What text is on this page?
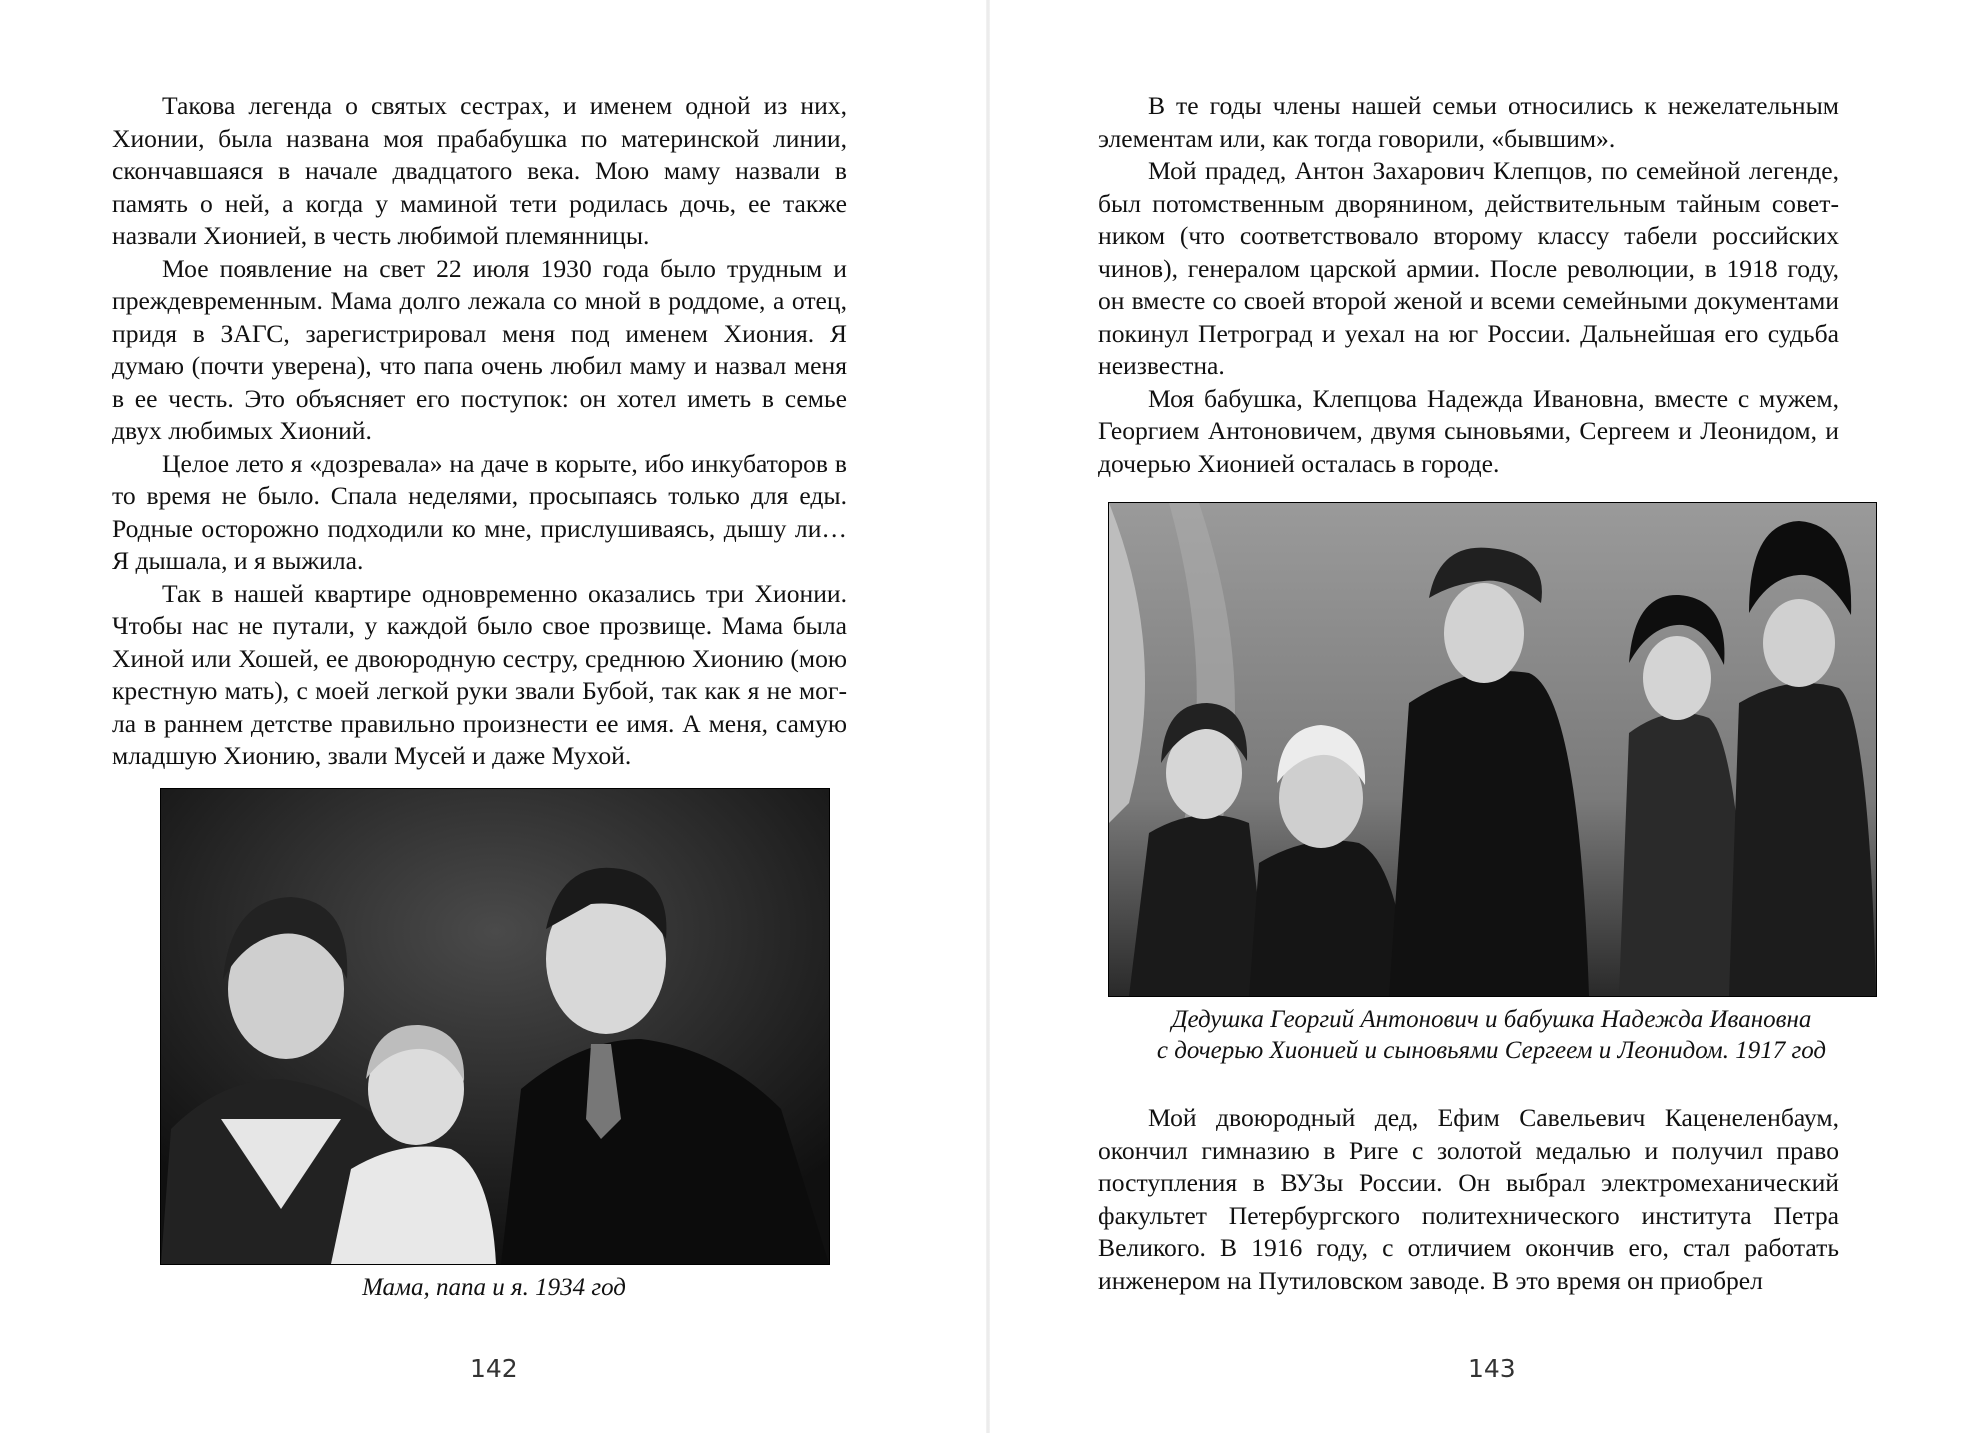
Такова легенда о святых сестрах, и именем одной из них, Хионии, была названа моя прабабушка по материнской линии, скончавшаяся в начале двадцатого века. Мою маму назвали в память о ней, а когда у маминой тети родилась дочь, ее также назвали Хионией, в честь любимой племянницы.

Мое появление на свет 22 июля 1930 года было трудным и преждевременным. Мама долго лежала со мной в роддоме, а отец, придя в ЗАГС, зарегистрировал меня под именем Хиония. Я думаю (почти уверена), что папа очень любил маму и назвал меня в ее честь. Это объясняет его поступок: он хотел иметь в семье двух любимых Хионий.

Целое лето я «дозревала» на даче в корыте, ибо инкубаторов в то время не было. Спала неделями, просыпаясь только для еды. Родные осторожно подходили ко мне, прислушиваясь, дышу ли… Я дышала, и я выжила.

Так в нашей квартире одновременно оказались три Хионии. Чтобы нас не путали, у каждой было свое прозвище. Мама была Хиной или Хошей, ее двоюродную сестру, среднюю Хионию (мою крестную мать), с моей легкой руки звали Бубой, так как я не могла в раннем детстве правильно произнести ее имя. А меня, самую младшую Хионию, звали Мусей и даже Мухой.

Мама, папа и я. 1934 год
142

В те годы члены нашей семьи относились к нежелательным элементам или, как тогда говорили, «бывшим».

Мой прадед, Антон Захарович Клепцов, по семейной легенде, был потомственным дворянином, действительным тайным советником (что соответствовало второму классу табели российских чинов), генералом царской армии. После революции, в 1918 году, он вместе со своей второй женой и всеми семейными документами покинул Петроград и уехал на юг России. Дальнейшая его судьба неизвестна.

Моя бабушка, Клепцова Надежда Ивановна, вместе с мужем, Георгием Антоновичем, двумя сыновьями, Сергеем и Леонидом, и дочерью Хионией осталась в городе.

Дедушка Георгий Антонович и бабушка Надежда Ивановна
с дочерью Хионией и сыновьями Сергеем и Леонидом. 1917 год

Мой двоюродный дед, Ефим Савельевич Каценеленбаум, окончил гимназию в Риге с золотой медалью и получил право поступления в ВУЗы России. Он выбрал электромеханический факультет Петербургского политехнического института Петра Великого. В 1916 году, с отличием окончив его, стал работать инженером на Путиловском заводе. В это время он приобрел

143
